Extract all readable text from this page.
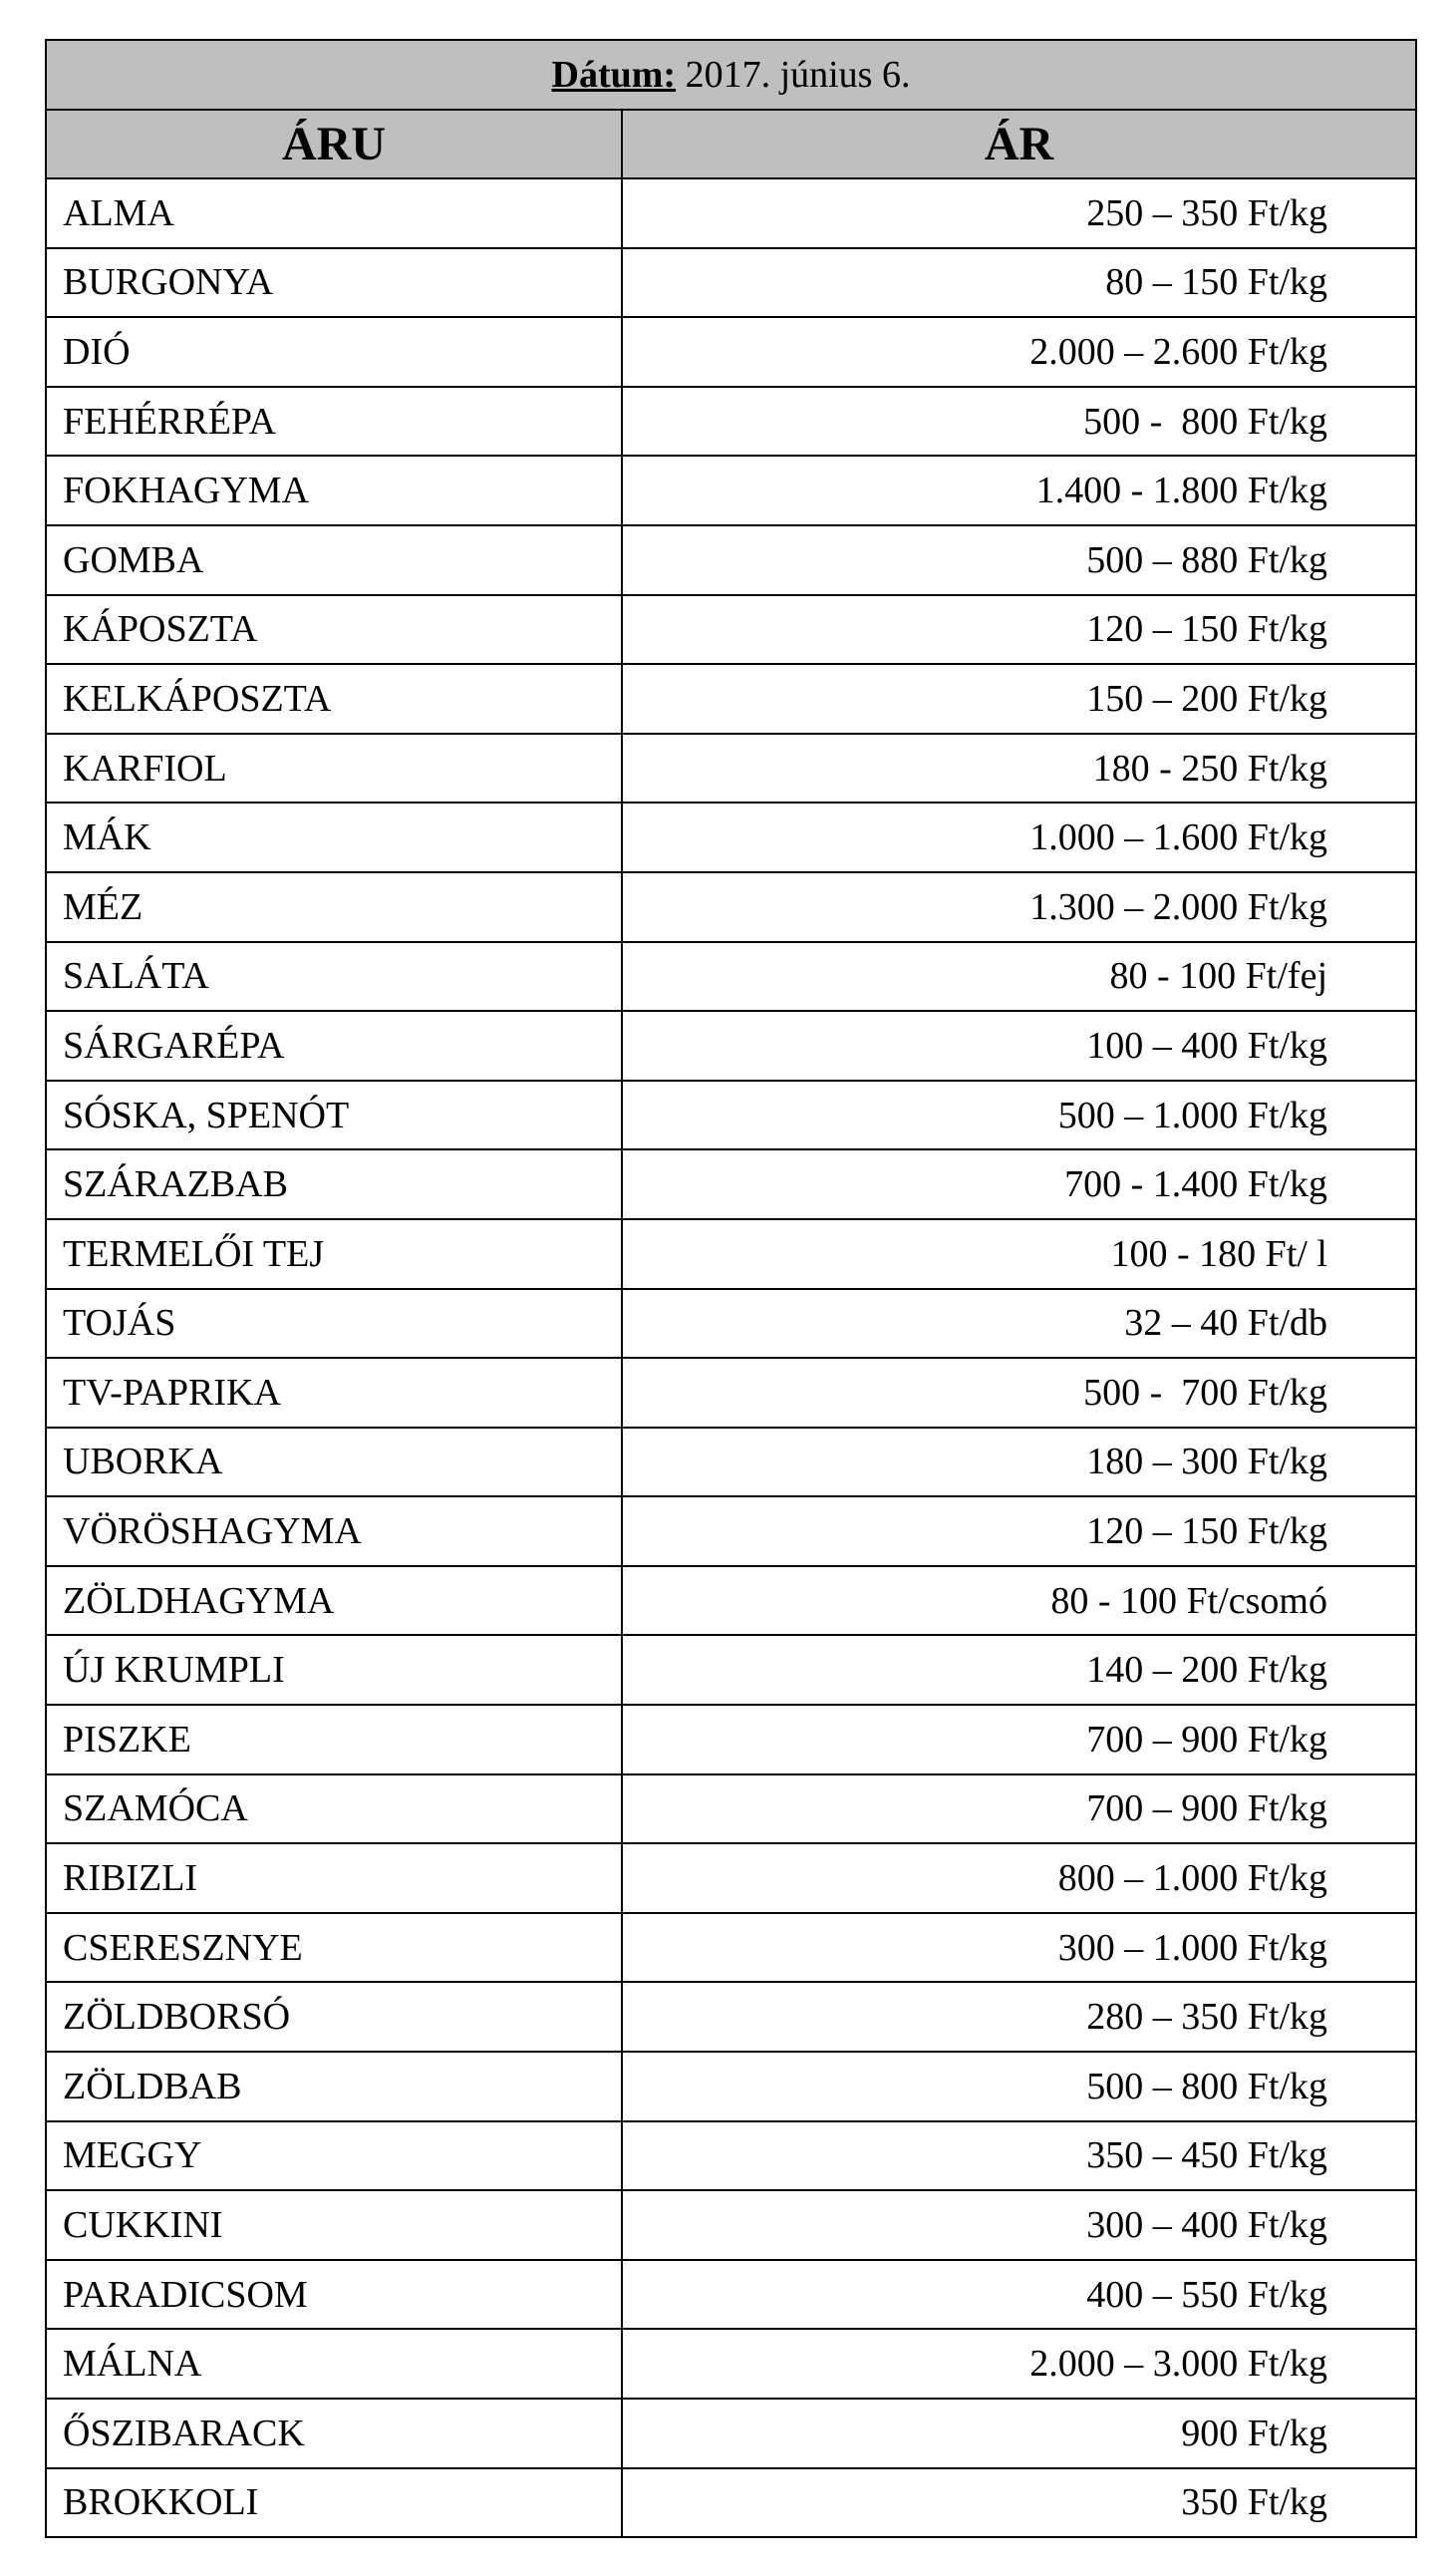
Dátum: 2017. június 6.	
ÁRU	ÁR
ALMA	250 – 350 Ft/kg
BURGONYA	80 – 150 Ft/kg
DIÓ	2.000 – 2.600 Ft/kg
FEHÉRRÉPA	500 -  800 Ft/kg
FOKHAGYMA	1.400 - 1.800 Ft/kg
GOMBA	500 – 880 Ft/kg
KÁPOSZTA	120 – 150 Ft/kg
KELKÁPOSZTA	150 – 200 Ft/kg
KARFIOL	180 - 250 Ft/kg
MÁK	1.000 – 1.600 Ft/kg
MÉZ	1.300 – 2.000 Ft/kg
SALÁTA	80 - 100 Ft/fej
SÁRGARÉPA	100 – 400 Ft/kg
SÓSKA, SPENÓT	500 – 1.000 Ft/kg
SZÁRAZBAB	700 - 1.400 Ft/kg
TERMELŐI TEJ	100 - 180 Ft/ l
TOJÁS	32 – 40 Ft/db
TV-PAPRIKA	500 -  700 Ft/kg
UBORKA	180 – 300 Ft/kg
VÖRÖSHAGYMA	120 – 150 Ft/kg
ZÖLDHAGYMA	80 - 100 Ft/csomó
ÚJ KRUMPLI	140 – 200 Ft/kg
PISZKE	700 – 900 Ft/kg
SZAMÓCA	700 – 900 Ft/kg
RIBIZLI	800 – 1.000 Ft/kg
CSERESZNYE	300 – 1.000 Ft/kg
ZÖLDBORSÓ	280 – 350 Ft/kg
ZÖLDBAB	500 – 800 Ft/kg
MEGGY	350 – 450 Ft/kg
CUKKINI	300 – 400 Ft/kg
PARADICSOM	400 – 550 Ft/kg
MÁLNA	2.000 – 3.000 Ft/kg
ŐSZIBARACK	900 Ft/kg
BROKKOLI	350 Ft/kg
